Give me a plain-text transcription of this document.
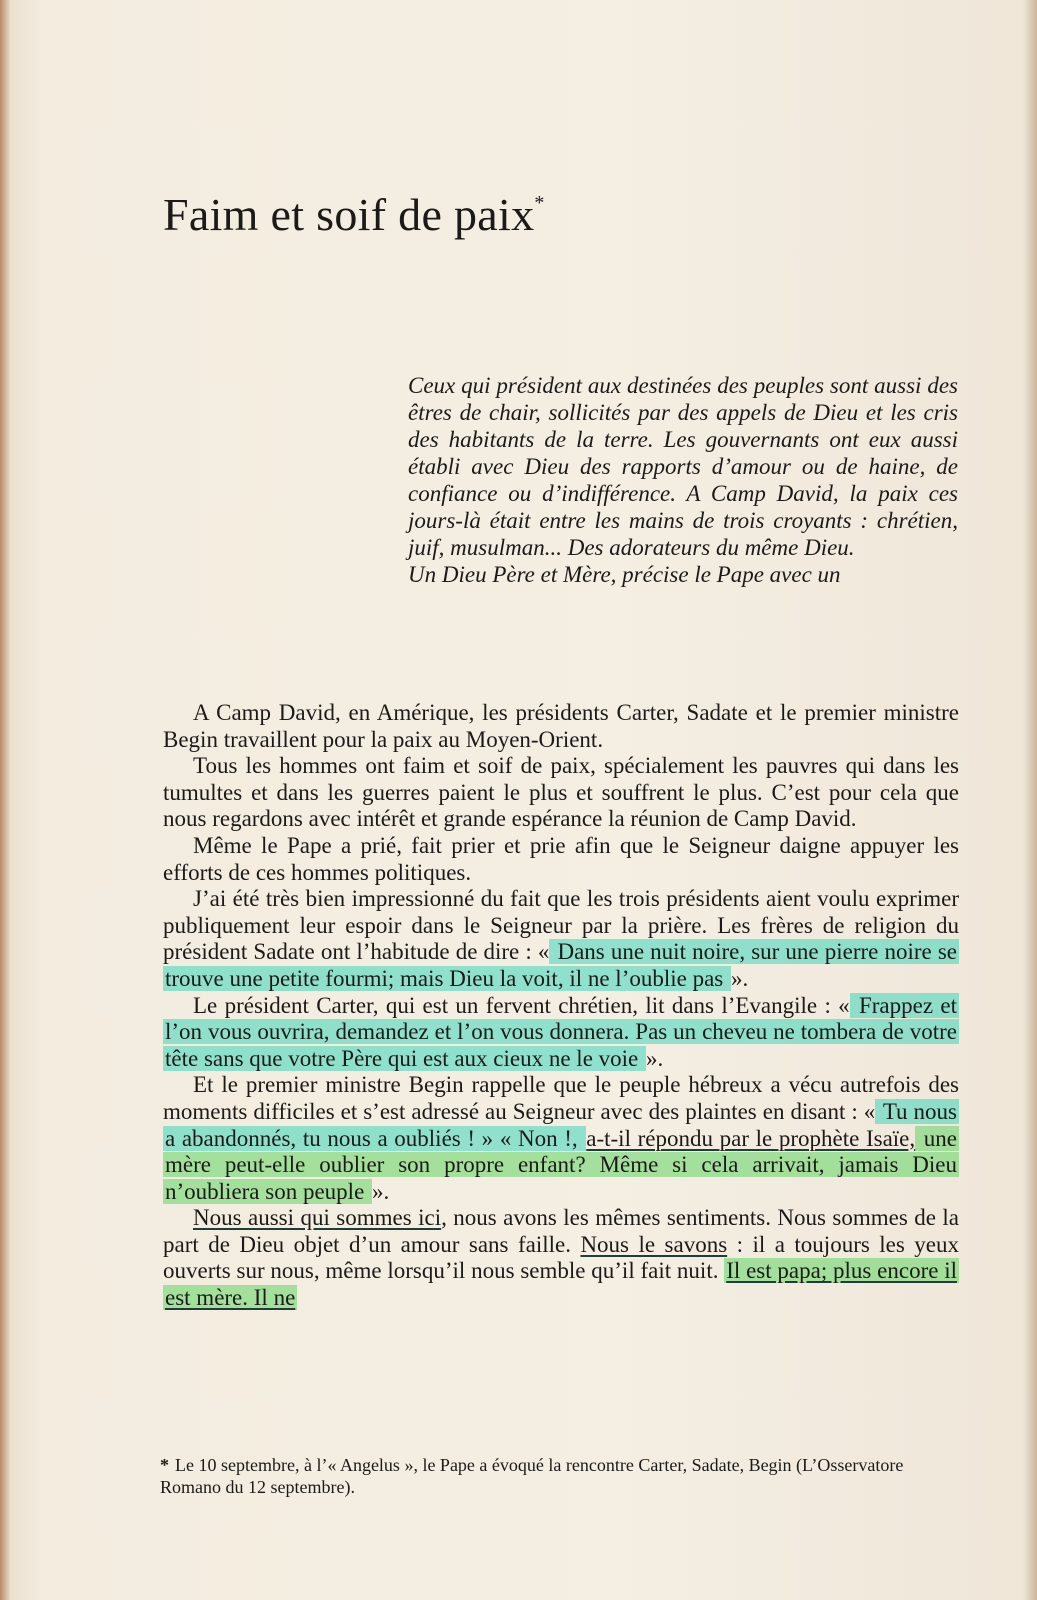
Faim et soif de paix*

Ceux qui président aux destinées des peuples sont aussi des êtres de chair, sollicités par des appels de Dieu et les cris des habitants de la terre. Les gouvernants ont eux aussi établi avec Dieu des rapports d’amour ou de haine, de confiance ou d’indifférence. A Camp David, la paix ces jours-là était entre les mains de trois croyants : chrétien, juif, musulman... Des adorateurs du même Dieu.

Un Dieu Père et Mère, précise le Pape avec un

A Camp David, en Amérique, les présidents Carter, Sadate et le premier ministre Begin travaillent pour la paix au Moyen-Orient.

Tous les hommes ont faim et soif de paix, spécialement les pauvres qui dans les tumultes et dans les guerres paient le plus et souffrent le plus. C’est pour cela que nous regardons avec intérêt et grande espérance la réunion de Camp David.

Même le Pape a prié, fait prier et prie afin que le Seigneur daigne appuyer les efforts de ces hommes politiques.

J’ai été très bien impressionné du fait que les trois présidents aient voulu exprimer publiquement leur espoir dans le Seigneur par la prière. Les frères de religion du président Sadate ont l’habitude de dire : « Dans une nuit noire, sur une pierre noire se trouve une petite fourmi; mais Dieu la voit, il ne l’oublie pas ».

Le président Carter, qui est un fervent chrétien, lit dans l’Evangile : « Frappez et l’on vous ouvrira, demandez et l’on vous donnera. Pas un cheveu ne tombera de votre tête sans que votre Père qui est aux cieux ne le voie ».

Et le premier ministre Begin rappelle que le peuple hébreux a vécu autrefois des moments difficiles et s’est adressé au Seigneur avec des plaintes en disant : « Tu nous a abandonnés, tu nous a oubliés ! » « Non !, a-t-il répondu par le prophète Isaïe, une mère peut-elle oublier son propre enfant? Même si cela arrivait, jamais Dieu n’oubliera son peuple ».

Nous aussi qui sommes ici, nous avons les mêmes sentiments. Nous sommes de la part de Dieu objet d’un amour sans faille. Nous le savons : il a toujours les yeux ouverts sur nous, même lorsqu’il nous semble qu’il fait nuit. Il est papa; plus encore il est mère. Il ne

* Le 10 septembre, à l’« Angelus », le Pape a évoqué la rencontre Carter, Sadate, Begin (L’Osservatore Romano du 12 septembre).
